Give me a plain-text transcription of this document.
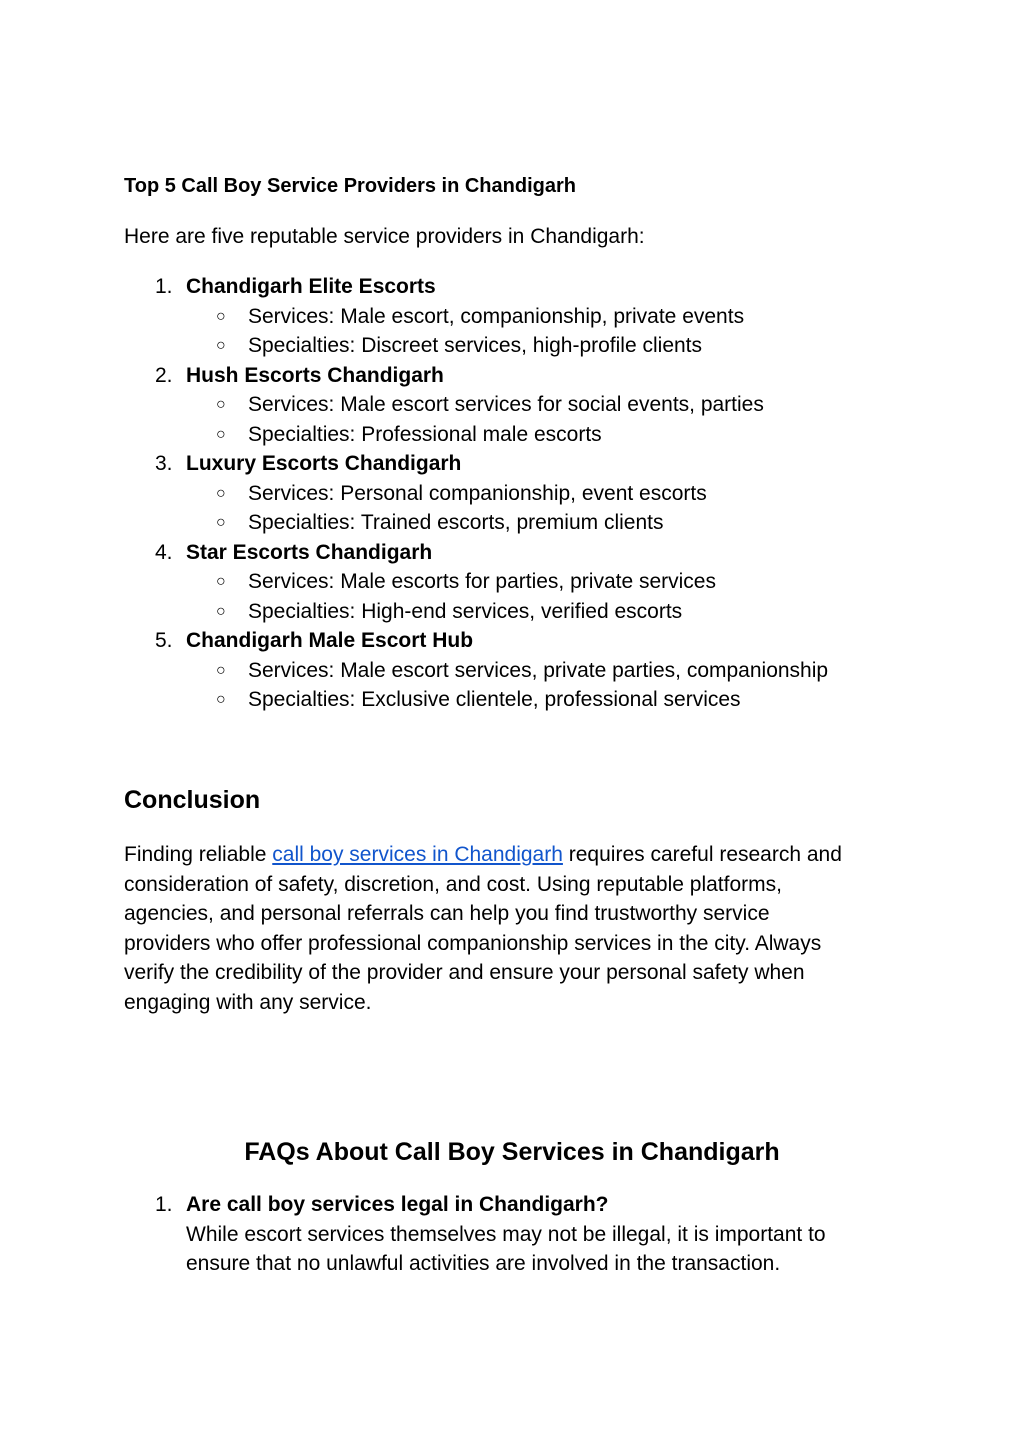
Top 5 Call Boy Service Providers in Chandigarh
Here are five reputable service providers in Chandigarh:
1. Chandigarh Elite Escorts
○ Services: Male escort, companionship, private events
○ Specialties: Discreet services, high-profile clients
2. Hush Escorts Chandigarh
○ Services: Male escort services for social events, parties
○ Specialties: Professional male escorts
3. Luxury Escorts Chandigarh
○ Services: Personal companionship, event escorts
○ Specialties: Trained escorts, premium clients
4. Star Escorts Chandigarh
○ Services: Male escorts for parties, private services
○ Specialties: High-end services, verified escorts
5. Chandigarh Male Escort Hub
○ Services: Male escort services, private parties, companionship
○ Specialties: Exclusive clientele, professional services
Conclusion
Finding reliable call boy services in Chandigarh requires careful research and
consideration of safety, discretion, and cost. Using reputable platforms,
agencies, and personal referrals can help you find trustworthy service
providers who offer professional companionship services in the city. Always
verify the credibility of the provider and ensure your personal safety when
engaging with any service.
FAQs About Call Boy Services in Chandigarh
1. Are call boy services legal in Chandigarh?
While escort services themselves may not be illegal, it is important to
ensure that no unlawful activities are involved in the transaction.
